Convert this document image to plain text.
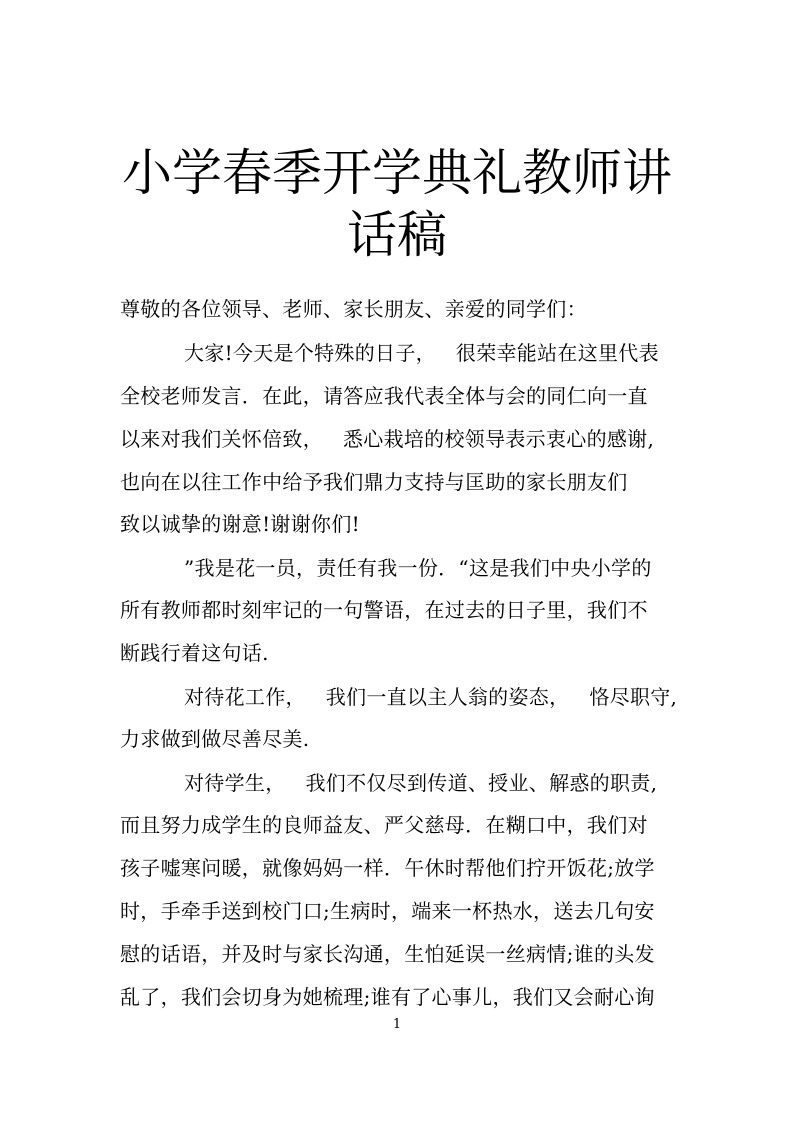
小学春季开学典礼教师讲
话稿
尊敬的各位领导、老师、家长朋友、亲爱的同学们：
大家!今天是个特殊的日子，   很荣幸能站在这里代表
全校老师发言．在此，请答应我代表全体与会的同仁向一直
以来对我们关怀倍致，   悉心栽培的校领导表示衷心的感谢,
也向在以往工作中给予我们鼎力支持与匡助的家长朋友们
致以诚挚的谢意!谢谢你们!
”我是花一员，责任有我一份．“这是我们中央小学的
所有教师都时刻牢记的一句警语，在过去的日子里，我们不
断践行着这句话.
对待花工作，   我们一直以主人翁的姿态，   恪尽职守,
力求做到做尽善尽美.
对待学生，   我们不仅尽到传道、授业、解惑的职责,
而且努力成学生的良师益友、严父慈母．在糊口中，我们对
孩子嘘寒问暖，就像妈妈一样．午休时帮他们拧开饭花;放学
时，手牵手送到校门口;生病时，端来一杯热水，送去几句安
慰的话语，并及时与家长沟通，生怕延误一丝病情;谁的头发
乱了，我们会切身为她梳理;谁有了心事儿，我们又会耐心询
1
